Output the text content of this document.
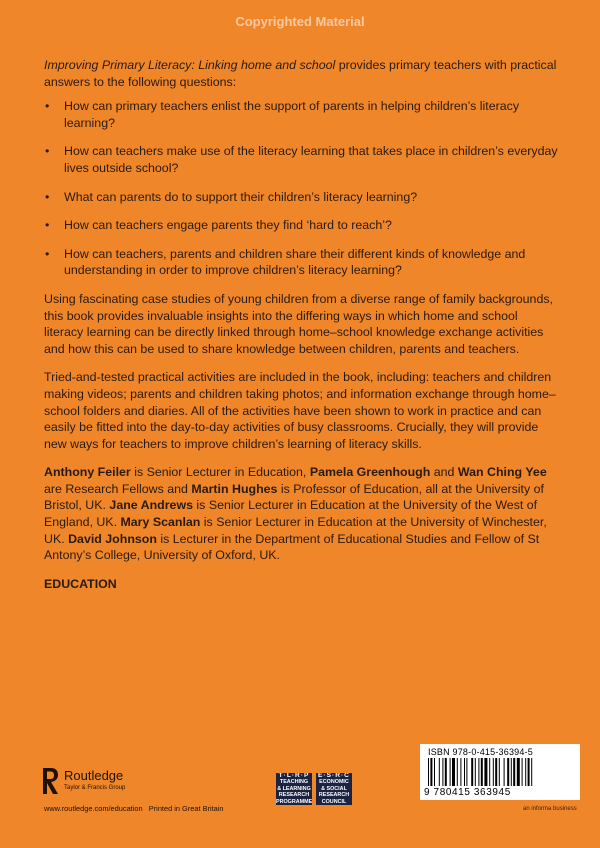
Copyrighted Material

Improving Primary Literacy: Linking home and school provides primary teachers with practical answers to the following questions:

• How can primary teachers enlist the support of parents in helping children’s literacy learning?
• How can teachers make use of the literacy learning that takes place in children’s everyday lives outside school?
• What can parents do to support their children’s literacy learning?
• How can teachers engage parents they find ‘hard to reach’?
• How can teachers, parents and children share their different kinds of knowledge and understanding in order to improve children’s literacy learning?

Using fascinating case studies of young children from a diverse range of family backgrounds, this book provides invaluable insights into the differing ways in which home and school literacy learning can be directly linked through home–school knowledge exchange activities and how this can be used to share knowledge between children, parents and teachers.

Tried-and-tested practical activities are included in the book, including: teachers and children making videos; parents and children taking photos; and information exchange through home–school folders and diaries. All of the activities have been shown to work in practice and can easily be fitted into the day-to-day activities of busy classrooms. Crucially, they will provide new ways for teachers to improve children’s learning of literacy skills.

Anthony Feiler is Senior Lecturer in Education, Pamela Greenhough and Wan Ching Yee are Research Fellows and Martin Hughes is Professor of Education, all at the University of Bristol, UK. Jane Andrews is Senior Lecturer in Education at the University of the West of England, UK. Mary Scanlan is Senior Lecturer in Education at the University of Winchester, UK. David Johnson is Lecturer in the Department of Educational Studies and Fellow of St Antony’s College, University of Oxford, UK.

EDUCATION

Routledge
Taylor & Francis Group
www.routledge.com/education Printed in Great Britain
T·L·R·P
TEACHING
& LEARNING
RESEARCH
PROGRAMME
E·S·R·C
ECONOMIC
& SOCIAL
RESEARCH
COUNCIL
ISBN 978-0-415-36394-5
9 780415 363945
an informa business
